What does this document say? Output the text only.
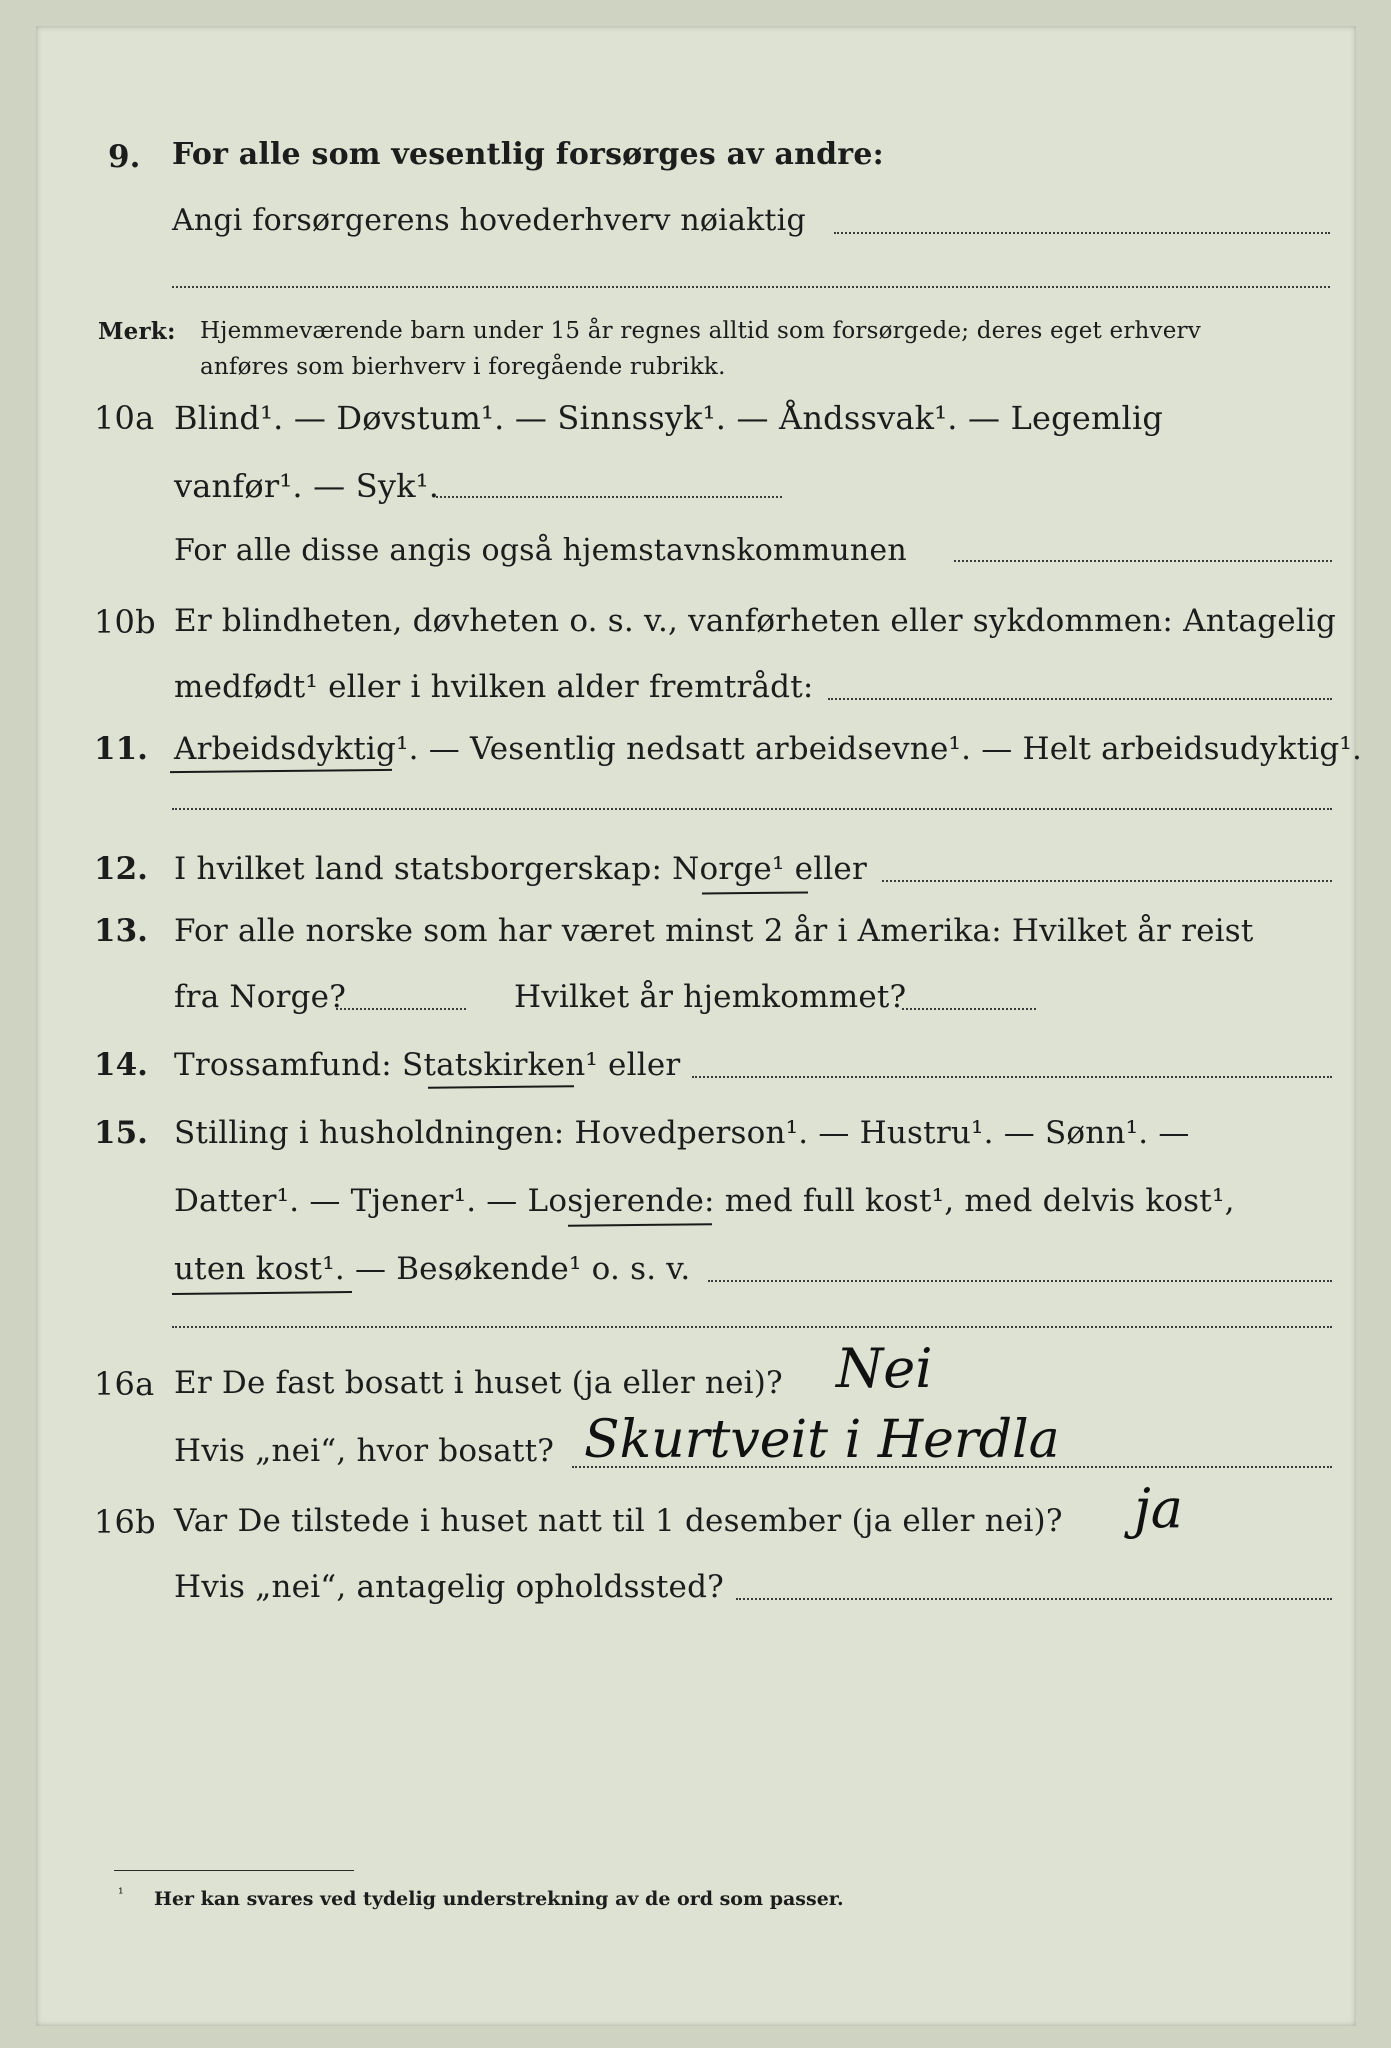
9. For alle som vesentlig forsørges av andre:
Angi forsørgerens hovederhverv nøiaktig
Merk: Hjemmeværende barn under 15 år regnes alltid som forsørgede; deres eget erhverv
anføres som bierhverv i foregående rubrikk.
10a Blind¹. — Døvstum¹. — Sinnssyk¹. — Åndssvak¹. — Legemlig
vanfør¹. — Syk¹.
For alle disse angis også hjemstavnskommunen
10b Er blindheten, døvheten o. s. v., vanførheten eller sykdommen: Antagelig
medfødt¹ eller i hvilken alder fremtrådt:
11. Arbeidsdyktig¹. — Vesentlig nedsatt arbeidsevne¹. — Helt arbeidsudyktig¹.
12. I hvilket land statsborgerskap: Norge¹ eller
13. For alle norske som har været minst 2 år i Amerika: Hvilket år reist
fra Norge?	Hvilket år hjemkommet?
14. Trossamfund: Statskirken¹ eller
15. Stilling i husholdningen: Hovedperson¹. — Hustru¹. — Sønn¹. —
Datter¹. — Tjener¹. — Losjerende: med full kost¹, med delvis kost¹,
uten kost¹. — Besøkende¹ o. s. v.
16a Er De fast bosatt i huset (ja eller nei)? Nei
Hvis „nei“, hvor bosatt? Skurtveit i Herdla
16b Var De tilstede i huset natt til 1 desember (ja eller nei)? ja
Hvis „nei“, antagelig opholdssted?
¹ Her kan svares ved tydelig understrekning av de ord som passer.
